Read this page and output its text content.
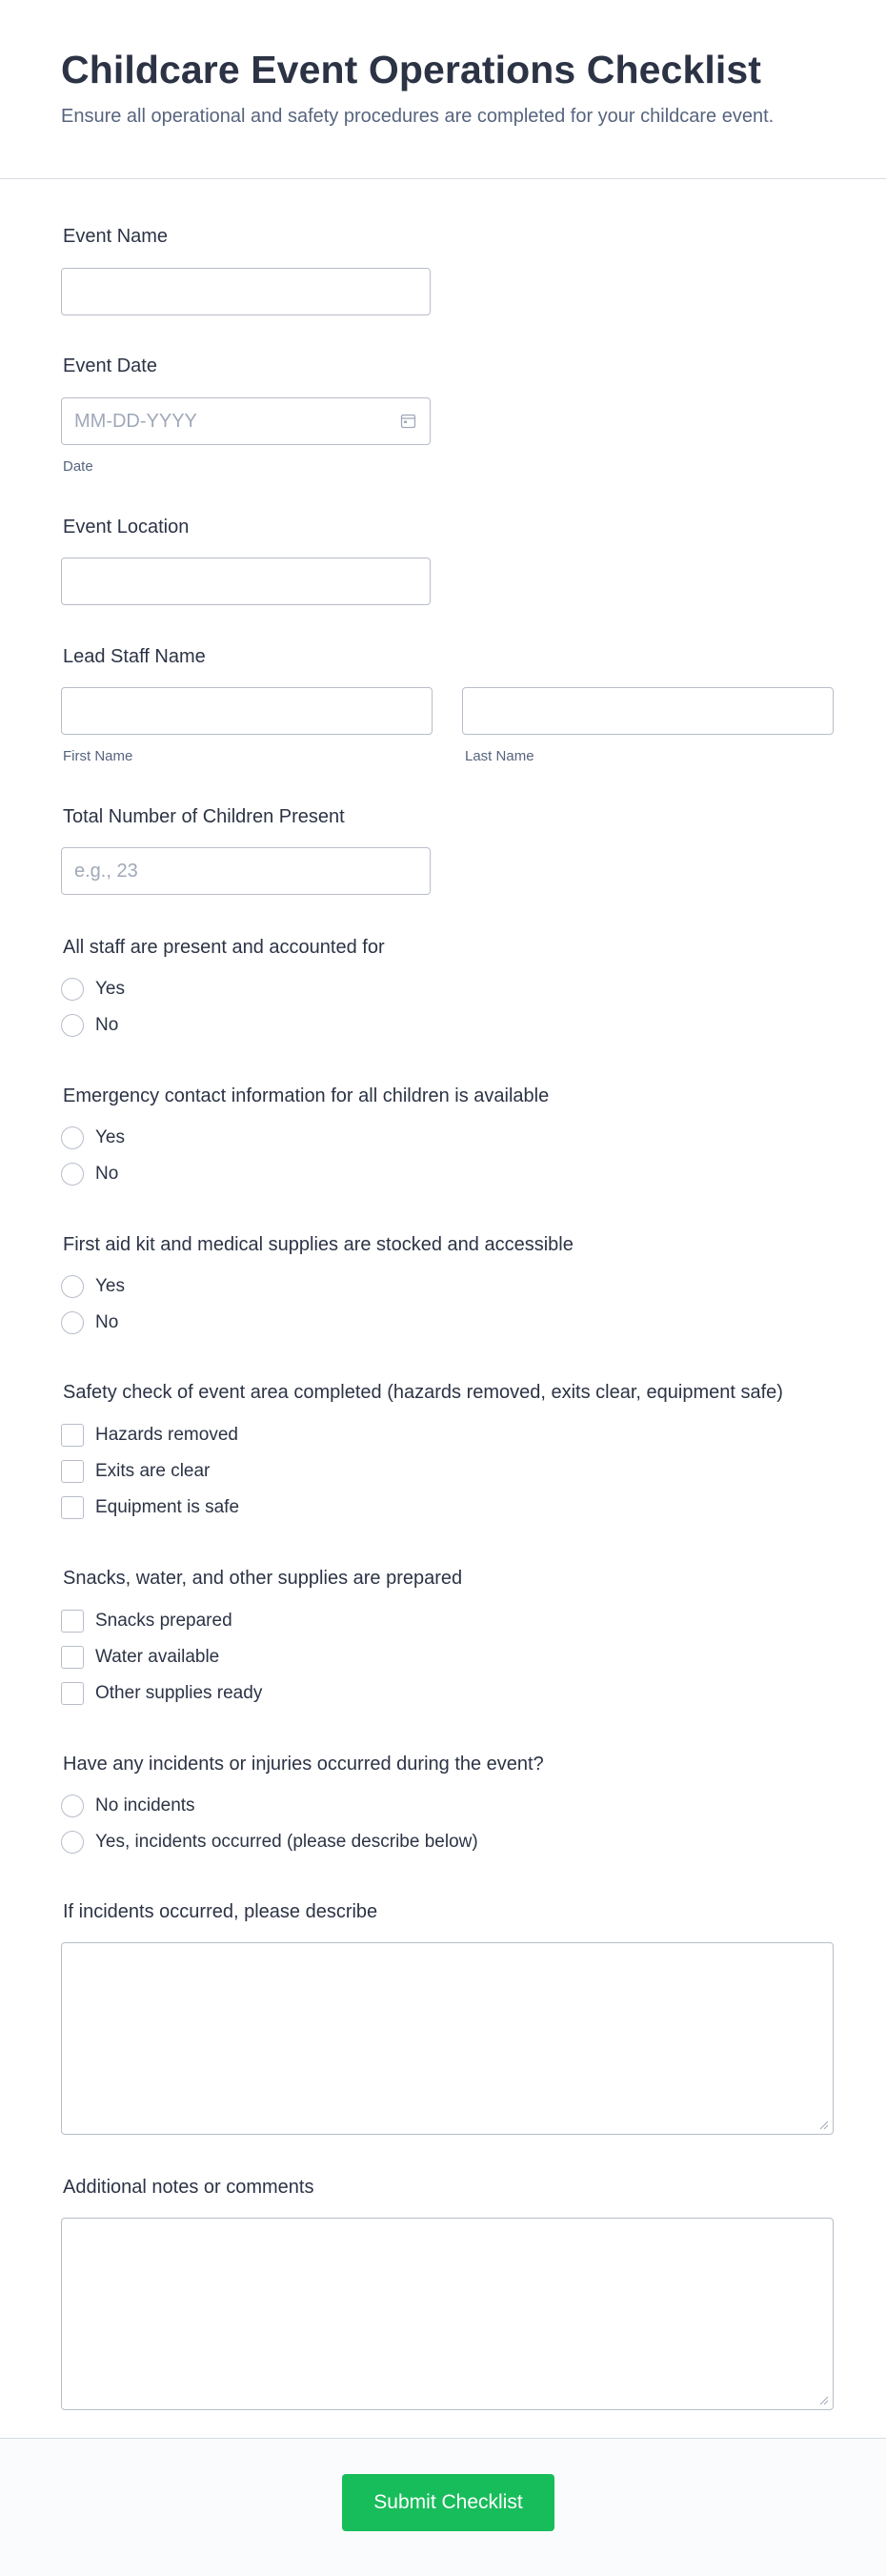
Childcare Event Operations Checklist
Ensure all operational and safety procedures are completed for your childcare event.
Event Name
Event Date
MM-DD-YYYY
Date
Event Location
Lead Staff Name
First Name	Last Name
Total Number of Children Present
e.g., 23
All staff are present and accounted for
Yes
No
Emergency contact information for all children is available
Yes
No
First aid kit and medical supplies are stocked and accessible
Yes
No
Safety check of event area completed (hazards removed, exits clear, equipment safe)
Hazards removed
Exits are clear
Equipment is safe
Snacks, water, and other supplies are prepared
Snacks prepared
Water available
Other supplies ready
Have any incidents or injuries occurred during the event?
No incidents
Yes, incidents occurred (please describe below)
If incidents occurred, please describe
Additional notes or comments
Submit Checklist
